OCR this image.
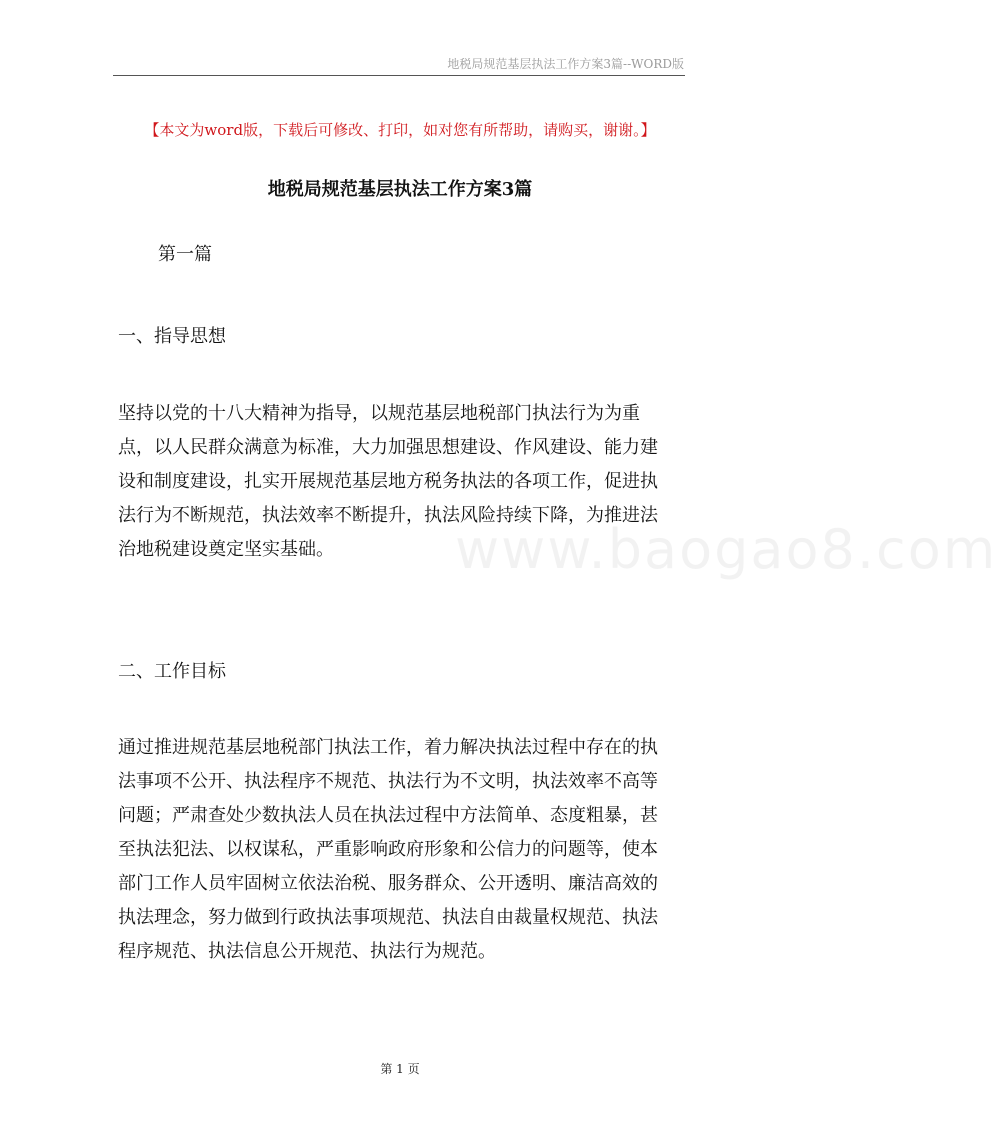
地税局规范基层执法工作方案3篇--WORD版
【本文为word版，下载后可修改、打印，如对您有所帮助，请购买，谢谢。】
地税局规范基层执法工作方案3篇
第一篇
一、指导思想
坚持以党的十八大精神为指导，以规范基层地税部门执法行为为重
点，以人民群众满意为标准，大力加强思想建设、作风建设、能力建
设和制度建设，扎实开展规范基层地方税务执法的各项工作，促进执
法行为不断规范，执法效率不断提升，执法风险持续下降，为推进法
治地税建设奠定坚实基础。
二、工作目标
通过推进规范基层地税部门执法工作，着力解决执法过程中存在的执
法事项不公开、执法程序不规范、执法行为不文明，执法效率不高等
问题；严肃查处少数执法人员在执法过程中方法简单、态度粗暴，甚
至执法犯法、以权谋私，严重影响政府形象和公信力的问题等，使本
部门工作人员牢固树立依法治税、服务群众、公开透明、廉洁高效的
执法理念，努力做到行政执法事项规范、执法自由裁量权规范、执法
程序规范、执法信息公开规范、执法行为规范。
www.baogao8.com
第 1 页
